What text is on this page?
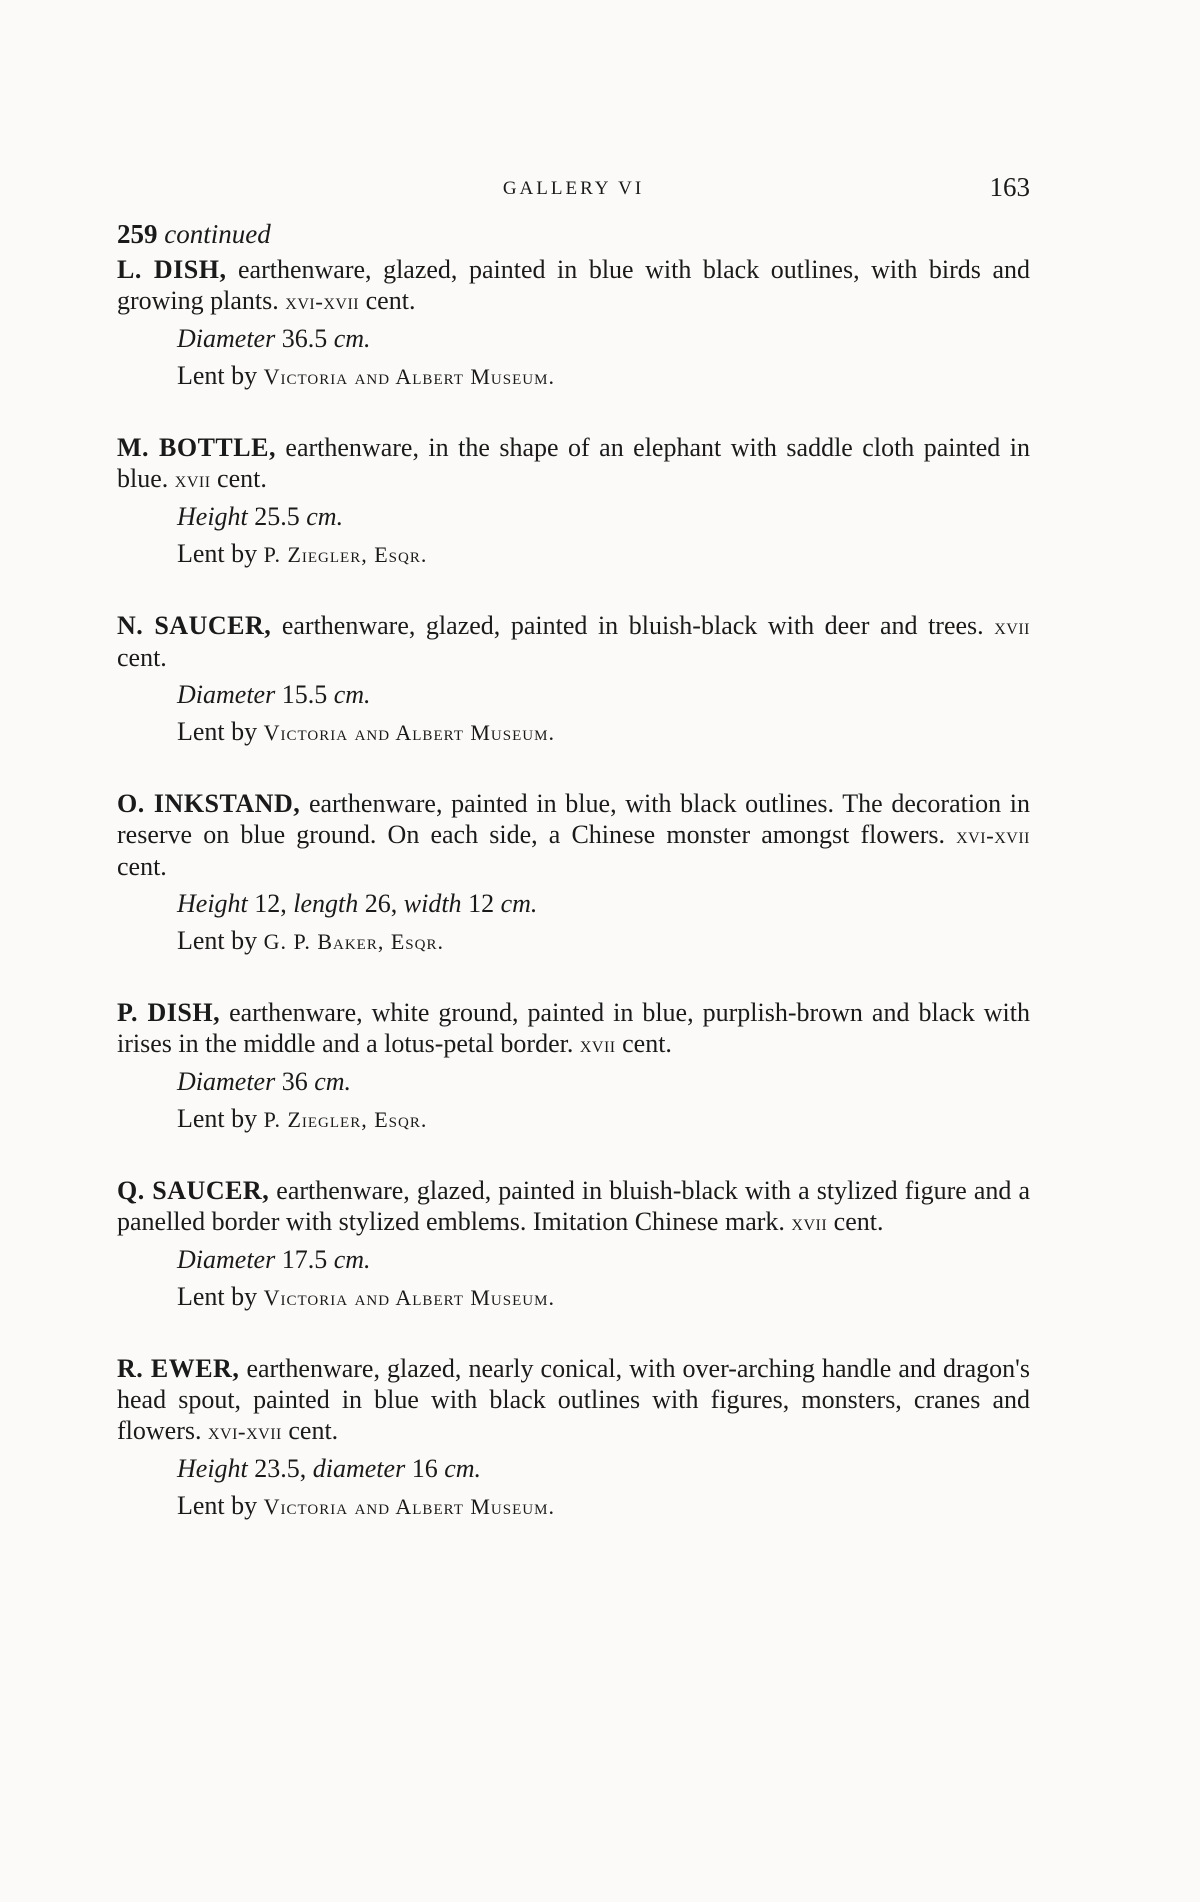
GALLERY VI	163
259 continued
L. DISH, earthenware, glazed, painted in blue with black outlines, with birds and growing plants. xvi-xvii cent.
Diameter 36.5 cm.
Lent by Victoria and Albert Museum.
M. BOTTLE, earthenware, in the shape of an elephant with saddle cloth painted in blue. xvii cent.
Height 25.5 cm.
Lent by P. Ziegler, Esqr.
N. SAUCER, earthenware, glazed, painted in bluish-black with deer and trees. xvii cent.
Diameter 15.5 cm.
Lent by Victoria and Albert Museum.
O. INKSTAND, earthenware, painted in blue, with black outlines. The decoration in reserve on blue ground. On each side, a Chinese monster amongst flowers. xvi-xvii cent.
Height 12, length 26, width 12 cm.
Lent by G. P. Baker, Esqr.
P. DISH, earthenware, white ground, painted in blue, purplish-brown and black with irises in the middle and a lotus-petal border. xvii cent.
Diameter 36 cm.
Lent by P. Ziegler, Esqr.
Q. SAUCER, earthenware, glazed, painted in bluish-black with a stylized figure and a panelled border with stylized emblems. Imitation Chinese mark. xvii cent.
Diameter 17.5 cm.
Lent by Victoria and Albert Museum.
R. EWER, earthenware, glazed, nearly conical, with over-arching handle and dragon's head spout, painted in blue with black outlines with figures, monsters, cranes and flowers. xvi-xvii cent.
Height 23.5, diameter 16 cm.
Lent by Victoria and Albert Museum.
